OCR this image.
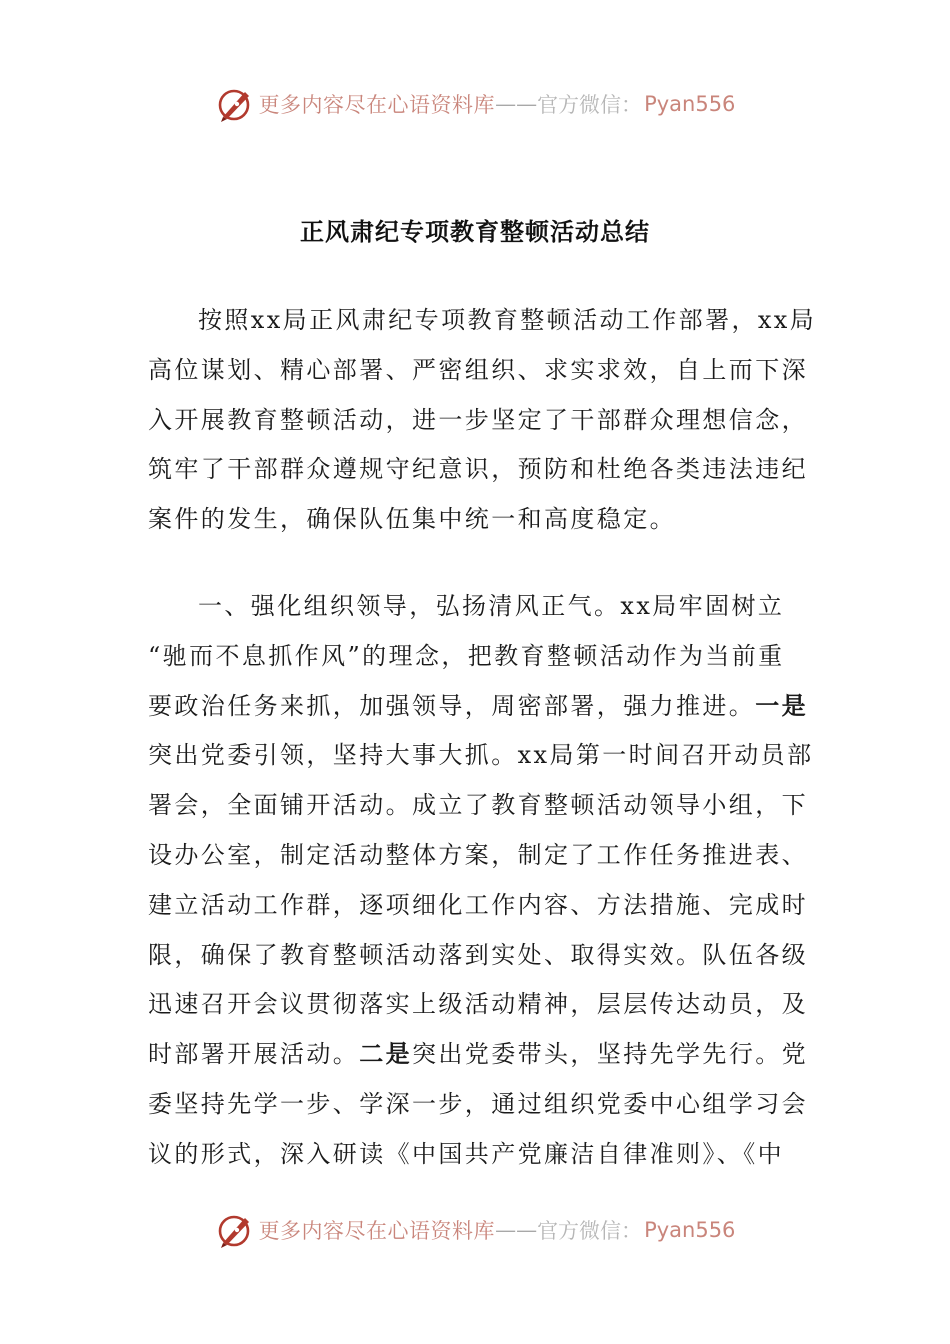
更多内容尽在心语资料库 —— 官方微信： Pyan556
正风肃纪专项教育整顿活动总结
按照xx局正风肃纪专项教育整顿活动工作部署，xx局
高位谋划、精心部署、严密组织、求实求效，自上而下深
入开展教育整顿活动，进一步坚定了干部群众理想信念，
筑牢了干部群众遵规守纪意识，预防和杜绝各类违法违纪
案件的发生，确保队伍集中统一和高度稳定。
一、强化组织领导，弘扬清风正气。xx局牢固树立
“驰而不息抓作风”的理念，把教育整顿活动作为当前重
要政治任务来抓，加强领导，周密部署，强力推进。一是
突出党委引领，坚持大事大抓。xx局第一时间召开动员部
署会，全面铺开活动。成立了教育整顿活动领导小组，下
设办公室，制定活动整体方案，制定了工作任务推进表、
建立活动工作群，逐项细化工作内容、方法措施、完成时
限，确保了教育整顿活动落到实处、取得实效。队伍各级
迅速召开会议贯彻落实上级活动精神，层层传达动员，及
时部署开展活动。二是突出党委带头，坚持先学先行。党
委坚持先学一步、学深一步，通过组织党委中心组学习会
议的形式，深入研读《中国共产党廉洁自律准则》、《中
更多内容尽在心语资料库 —— 官方微信： Pyan556
